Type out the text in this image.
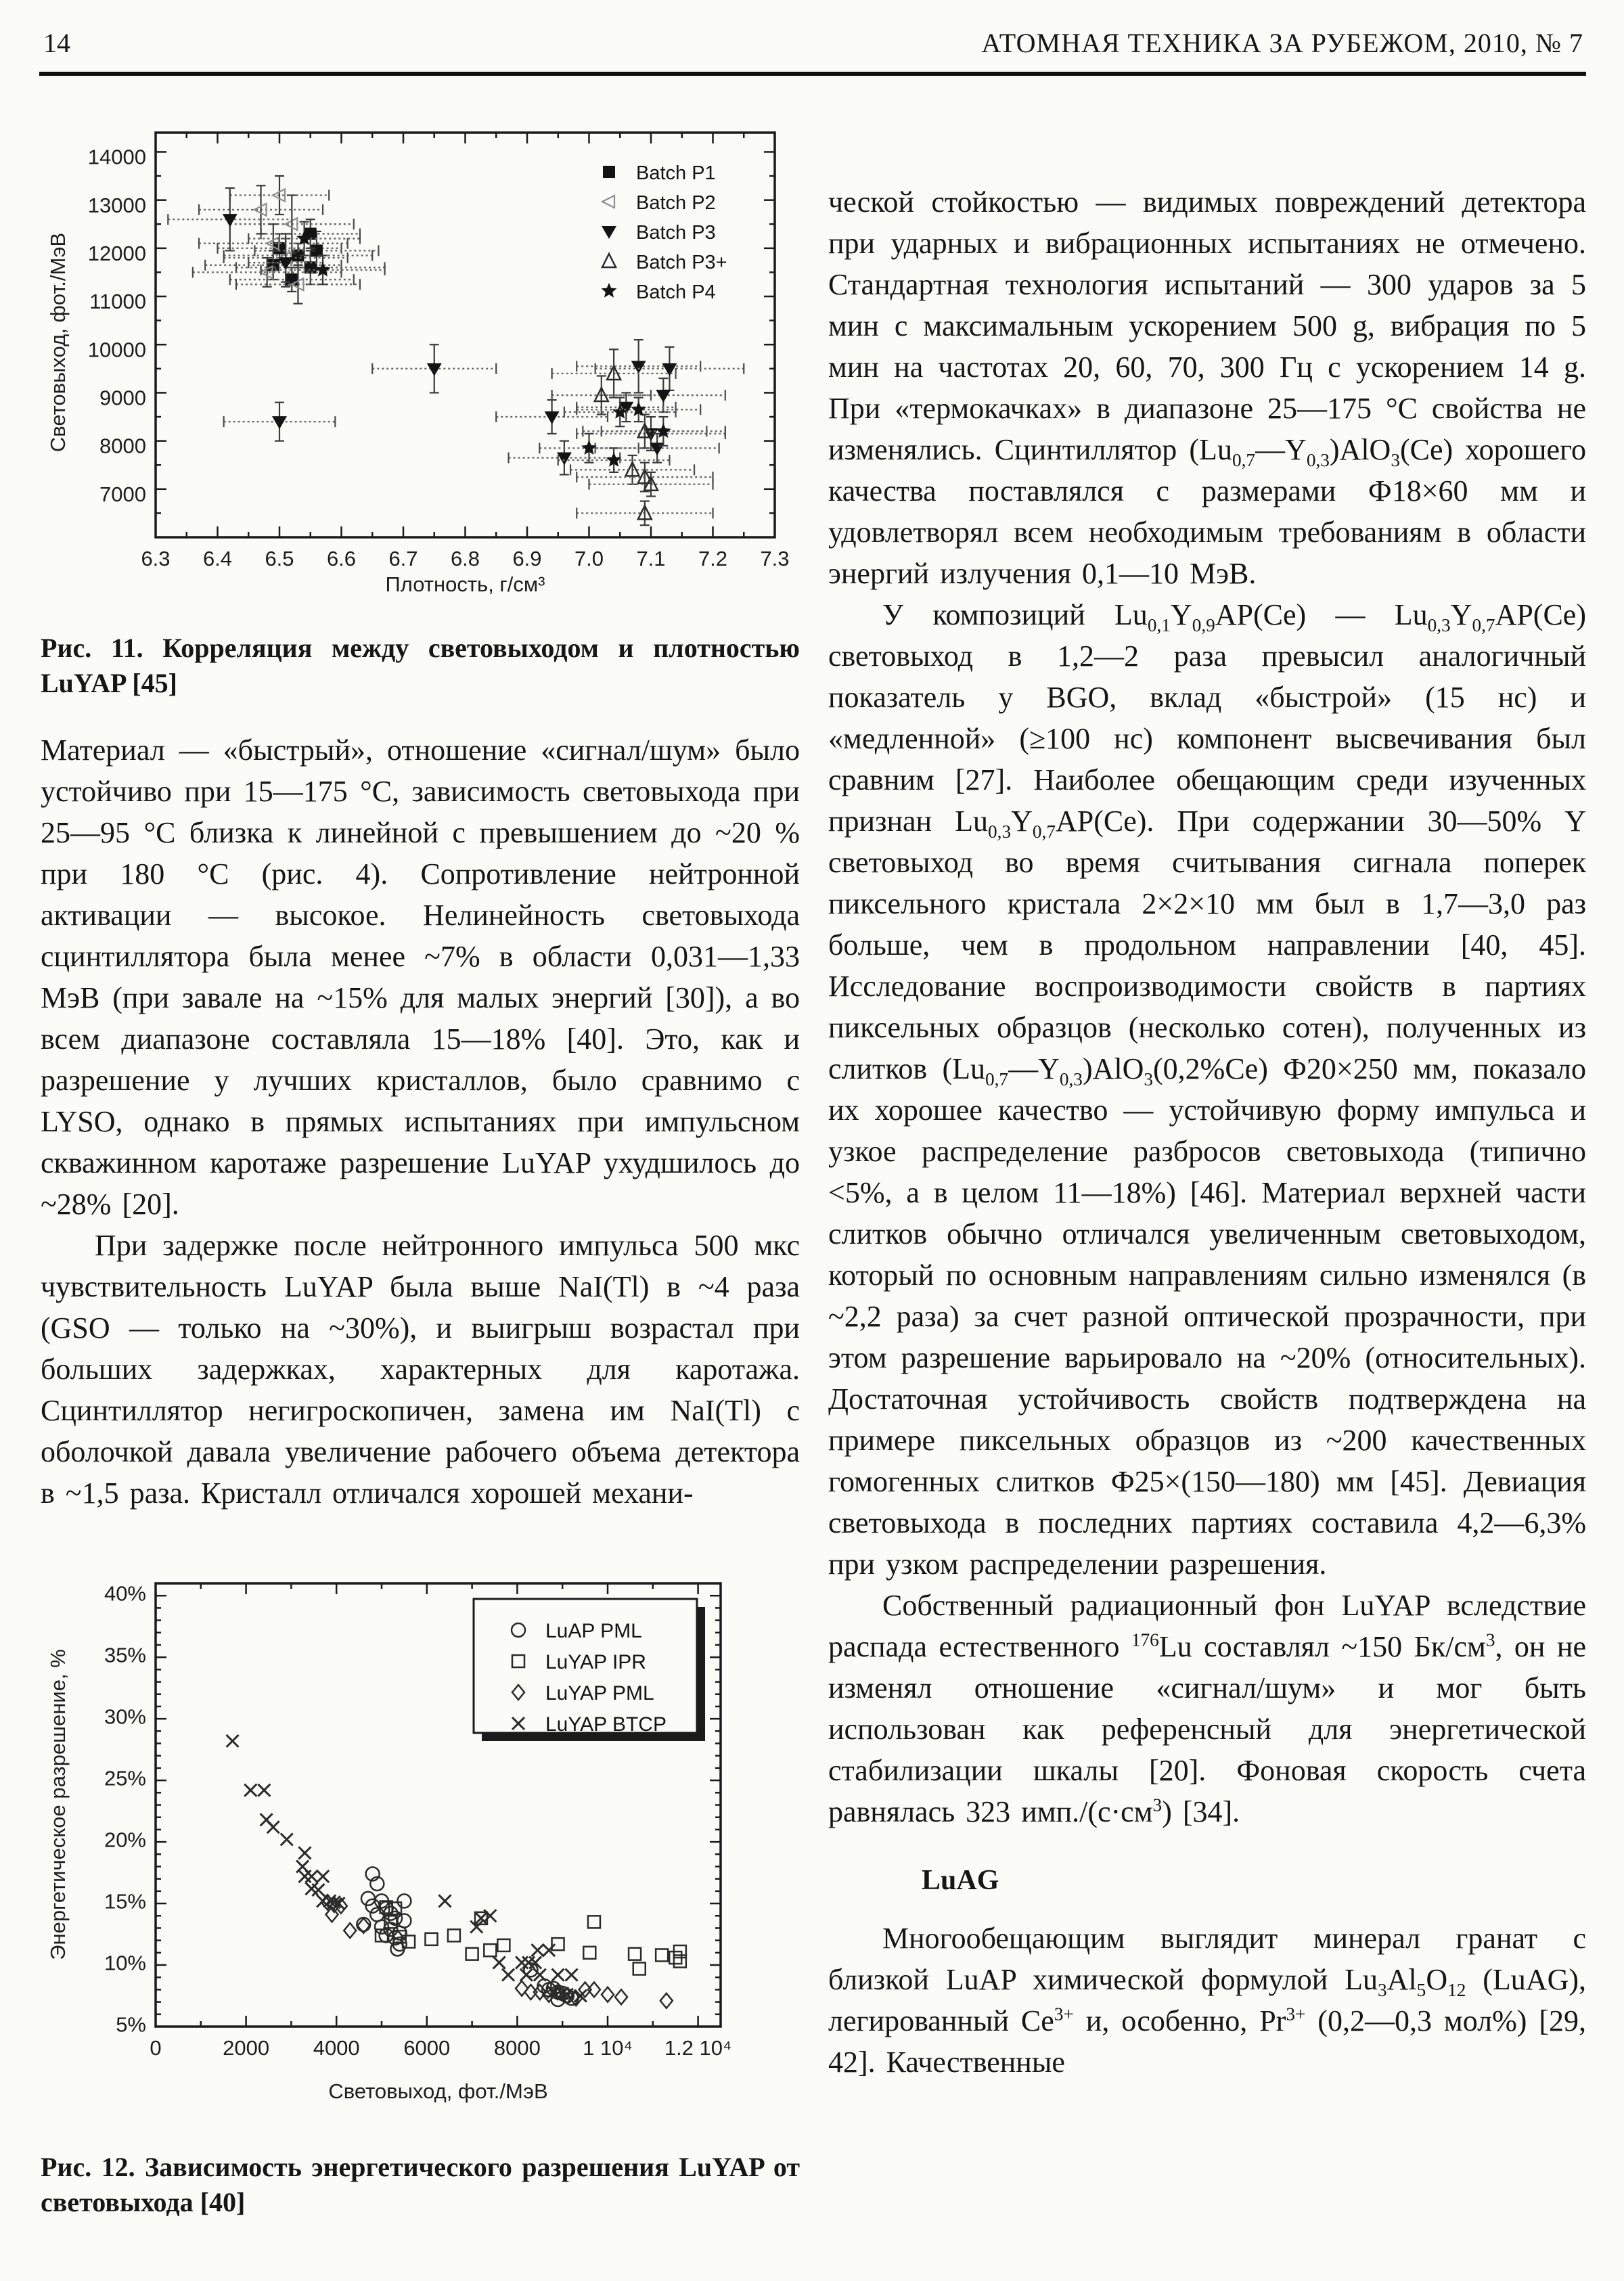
14	АТОМНАЯ ТЕХНИКА ЗА РУБЕЖОМ, 2010, № 7
Световыход, фот./МэВ
6.3 6.4 6.5 6.6 6.7 6.8 6.9 7.0 7.1 7.2 7.3
7000
8000
9000
10000
11000
12000
13000
14000
Batch P1
Batch P2
Batch P3
Batch P3+
Batch P4
Плотность, г/см³

Рис. 11. Корреляция между световыходом и плотностью LuYAP [45]

Материал — «быстрый», отношение «сигнал/шум» было устойчиво при 15—175 °С, зависимость световыхода при 25—95 °С близка к линейной с превышением до ~20 % при 180 °С (рис. 4). Сопротивление нейтронной активации — высокое. Нелинейность световыхода сцинтиллятора была менее ~7% в области 0,031—1,33 МэВ (при завале на ~15% для малых энергий [30]), а во всем диапазоне составляла 15—18% [40]. Это, как и разрешение у лучших кристаллов, было сравнимо с LYSO, однако в прямых испытаниях при импульсном скважинном каротаже разрешение LuYAP ухудшилось до ~28% [20].

При задержке после нейтронного импульса 500 мкс чувствительность LuYAP была выше NaI(Tl) в ~4 раза (GSO — только на ~30%), и выигрыш возрастал при больших задержках, характерных для каротажа. Сцинтиллятор негигроскопичен, замена им NaI(Tl) с оболочкой давала увеличение рабочего объема детектора в ~1,5 раза. Кристалл отличался хорошей механи-

Энергетическое разрешение, %
0	2000 4000 6000 8000 1 10⁴ 1.2 10⁴
5%
10%
15%
20%
25%
30%
35%
40%
LuAP PML
LuYAP IPR
LuYAP PML
LuYAP BTCP
Световыход, фот./МэВ

Рис. 12. Зависимость энергетического разрешения LuYAP от световыхода [40]

ческой стойкостью — видимых повреждений детектора при ударных и вибрационных испытаниях не отмечено. Стандартная технология испытаний — 300 ударов за 5 мин с максимальным ускорением 500 g, вибрация по 5 мин на частотах 20, 60, 70, 300 Гц с ускорением 14 g. При «термокачках» в диапазоне 25—175 °С свойства не изменялись. Сцинтиллятор $(Lu_{0,7}—Y_{0,3})AlO_3(Ce)$ хорошего качества поставлялся с размерами Ф18×60 мм и удовлетворял всем необходимым требованиям в области энергий излучения 0,1—10 МэВ.

У композиций $Lu_{0,1}Y_{0,9}AP(Ce)$ — $Lu_{0,3}Y_{0,7}AP(Ce)$ световыход в 1,2—2 раза превысил аналогичный показатель у BGO, вклад «быстрой» (15 нс) и «медленной» (≥100 нс) компонент высвечивания был сравним [27]. Наиболее обещающим среди изученных признан $Lu_{0,3}Y_{0,7}AP(Ce)$. При содержании 30—50% Y световыход во время считывания сигнала поперек пиксельного кристала 2×2×10 мм был в 1,7—3,0 раз больше, чем в продольном направлении [40, 45]. Исследование воспроизводимости свойств в партиях пиксельных образцов (несколько сотен), полученных из слитков $(Lu_{0,7}—Y_{0,3})AlO_3(0,2\%Ce)$ Ф20×250 мм, показало их хорошее качество — устойчивую форму импульса и узкое распределение разбросов световыхода (типично <5%, а в целом 11—18%) [46]. Материал верхней части слитков обычно отличался увеличенным световыходом, который по основным направлениям сильно изменялся (в ~2,2 раза) за счет разной оптической прозрачности, при этом разрешение варьировало на ~20% (относительных). Достаточная устойчивость свойств подтверждена на примере пиксельных образцов из ~200 качественных гомогенных слитков Ф25×(150—180) мм [45]. Девиация световыхода в последних партиях составила 4,2—6,3% при узком распределении разрешения.

Собственный радиационный фон LuYAP вследствие распада естественного $^{176}$Lu составлял ~150 $Бк/см^3$, он не изменял отношение «сигнал/шум» и мог быть использован как референсный для энергетической стабилизации шкалы [20]. Фоновая скорость счета равнялась 323 $имп./(с\cdot см^3)$ [34].

LuAG

Многообещающим выглядит минерал гранат с близкой LuAP химической формулой $Lu_3Al_5O_{12}$ (LuAG), легированный $Ce^{3+}$ и, особенно, $Pr^{3+}$ (0,2—0,3 мол%) [29, 42]. Качественные
